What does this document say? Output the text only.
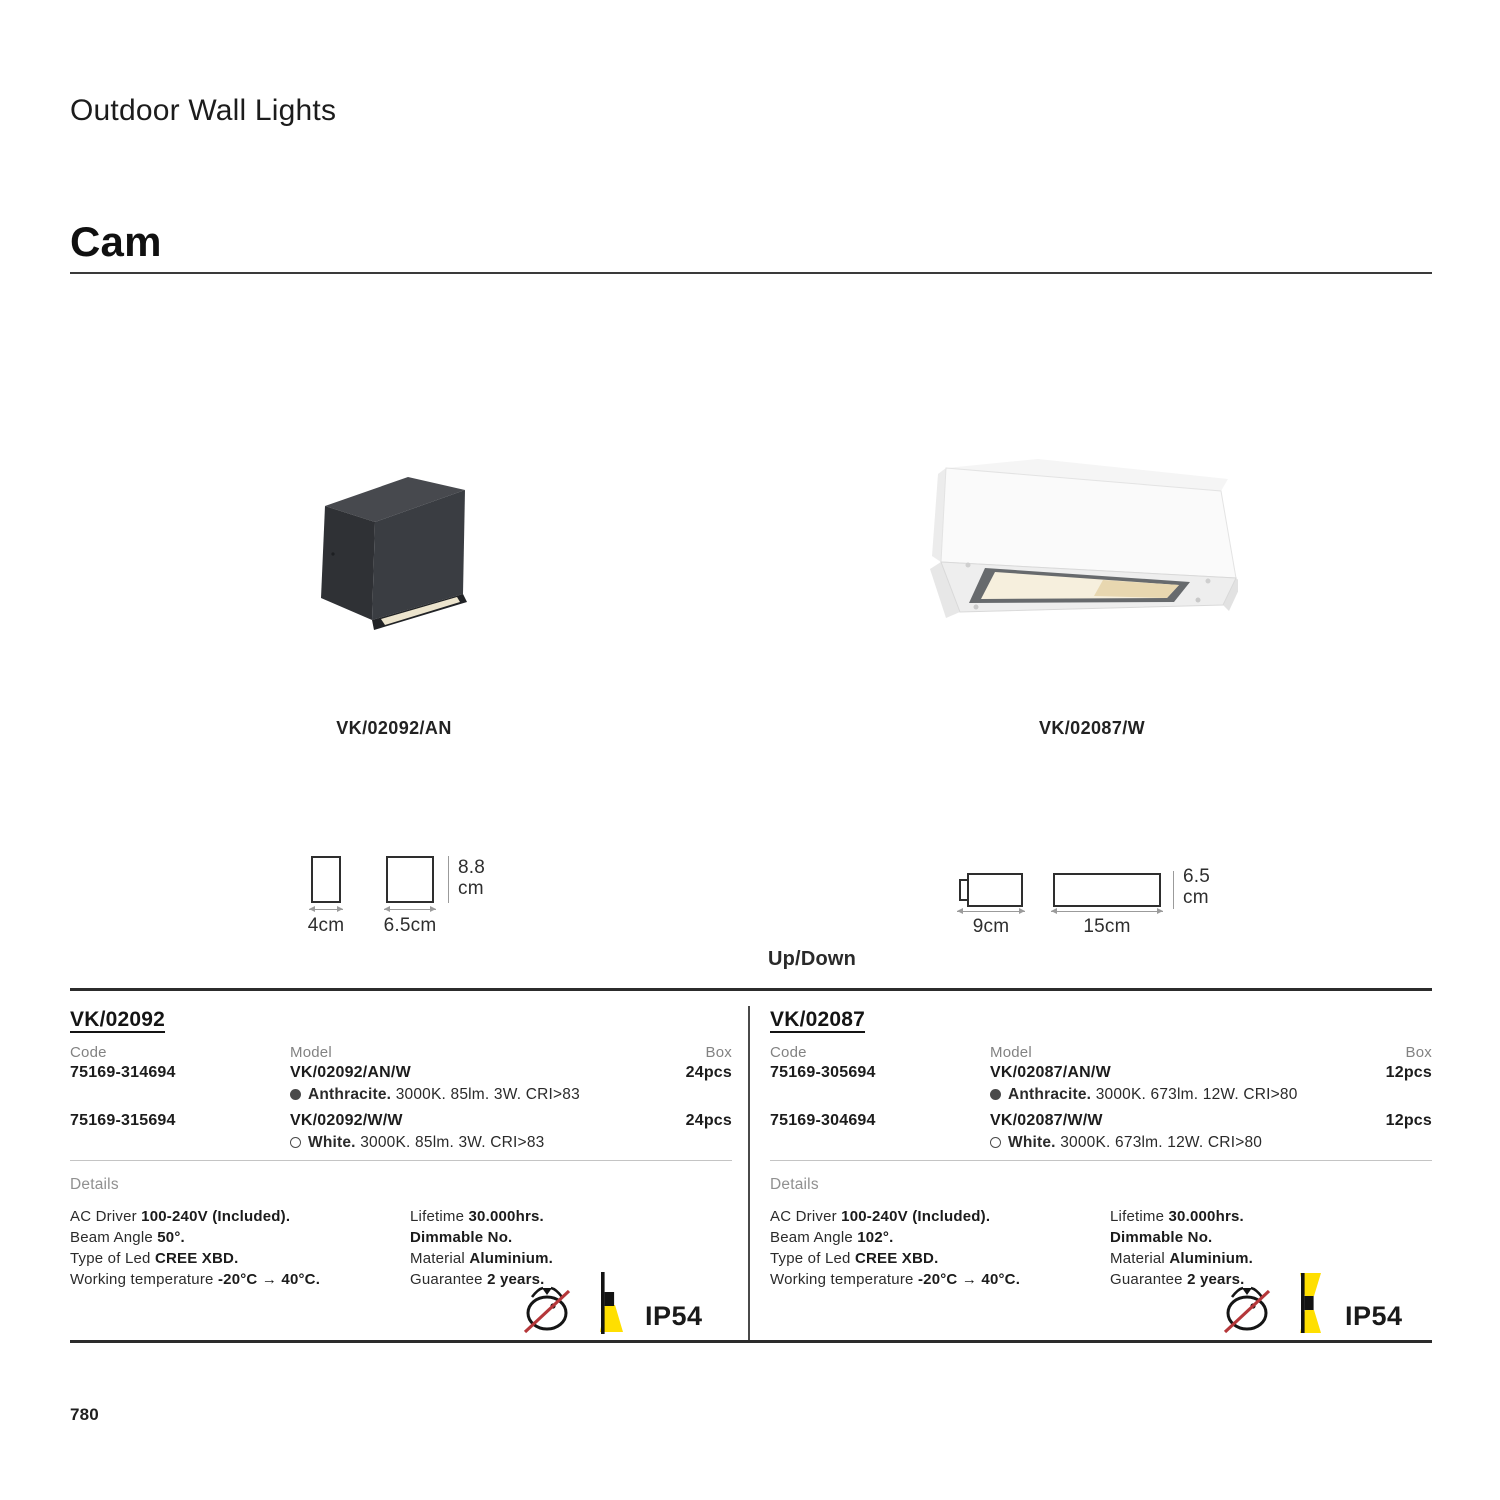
Outdoor Wall Lights
Cam
VK/02092/AN	VK/02087/W
4cm	6.5cm
8.8
cm
9cm	15cm
6.5
cm
Up/Down
VK/02092
Code	Model	Box
75169-314694	VK/02092/AN/W	24pcs
Anthracite. 3000K. 85lm. 3W. CRI>83
75169-315694	VK/02092/W/W	24pcs
White. 3000K. 85lm. 3W. CRI>83
Details
AC Driver 100-240V (Included).
Beam Angle 50°.
Type of Led CREE XBD.
Working temperature -20°C → 40°C.
Lifetime 30.000hrs.
Dimmable No.
Material Aluminium.
Guarantee 2 years.
IP54
VK/02087
Code	Model	Box
75169-305694	VK/02087/AN/W	12pcs
Anthracite. 3000K. 673lm. 12W. CRI>80
75169-304694	VK/02087/W/W	12pcs
White. 3000K. 673lm. 12W. CRI>80
Details
AC Driver 100-240V (Included).
Beam Angle 102°.
Type of Led CREE XBD.
Working temperature -20°C → 40°C.
Lifetime 30.000hrs.
Dimmable No.
Material Aluminium.
Guarantee 2 years.
IP54
780
